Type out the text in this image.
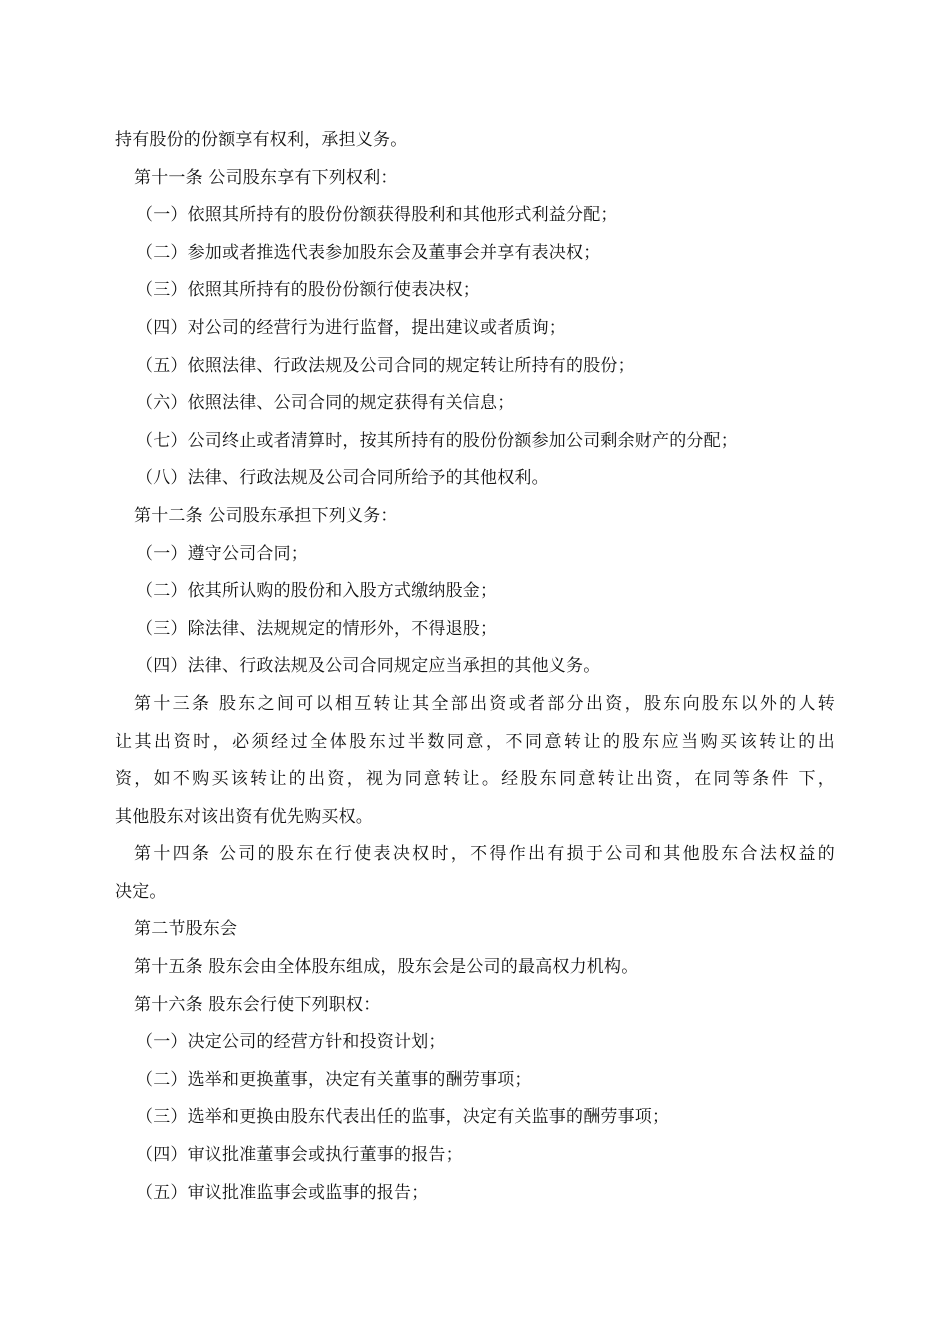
持有股份的份额享有权利，承担义务。
第十一条 公司股东享有下列权利：
（一）依照其所持有的股份份额获得股利和其他形式利益分配；
（二）参加或者推选代表参加股东会及董事会并享有表决权；
（三）依照其所持有的股份份额行使表决权；
（四）对公司的经营行为进行监督，提出建议或者质询；
（五）依照法律、行政法规及公司合同的规定转让所持有的股份；
（六）依照法律、公司合同的规定获得有关信息；
（七）公司终止或者清算时，按其所持有的股份份额参加公司剩余财产的分配；
（八）法律、行政法规及公司合同所给予的其他权利。
第十二条 公司股东承担下列义务：
（一）遵守公司合同；
（二）依其所认购的股份和入股方式缴纳股金；
（三）除法律、法规规定的情形外，不得退股；
（四）法律、行政法规及公司合同规定应当承担的其他义务。
第十三条 股东之间可以相互转让其全部出资或者部分出资，股东向股东以外的人转
让其出资时，必须经过全体股东过半数同意，不同意转让的股东应当购买该转让的出
资，如不购买该转让的出资，视为同意转让。经股东同意转让出资，在同等条件 下，
其他股东对该出资有优先购买权。
第十四条 公司的股东在行使表决权时，不得作出有损于公司和其他股东合法权益的
决定。
第二节股东会
第十五条 股东会由全体股东组成，股东会是公司的最高权力机构。
第十六条 股东会行使下列职权：
（一）决定公司的经营方针和投资计划；
（二）选举和更换董事，决定有关董事的酬劳事项；
（三）选举和更换由股东代表出任的监事，决定有关监事的酬劳事项；
（四）审议批准董事会或执行董事的报告；
（五）审议批准监事会或监事的报告；
